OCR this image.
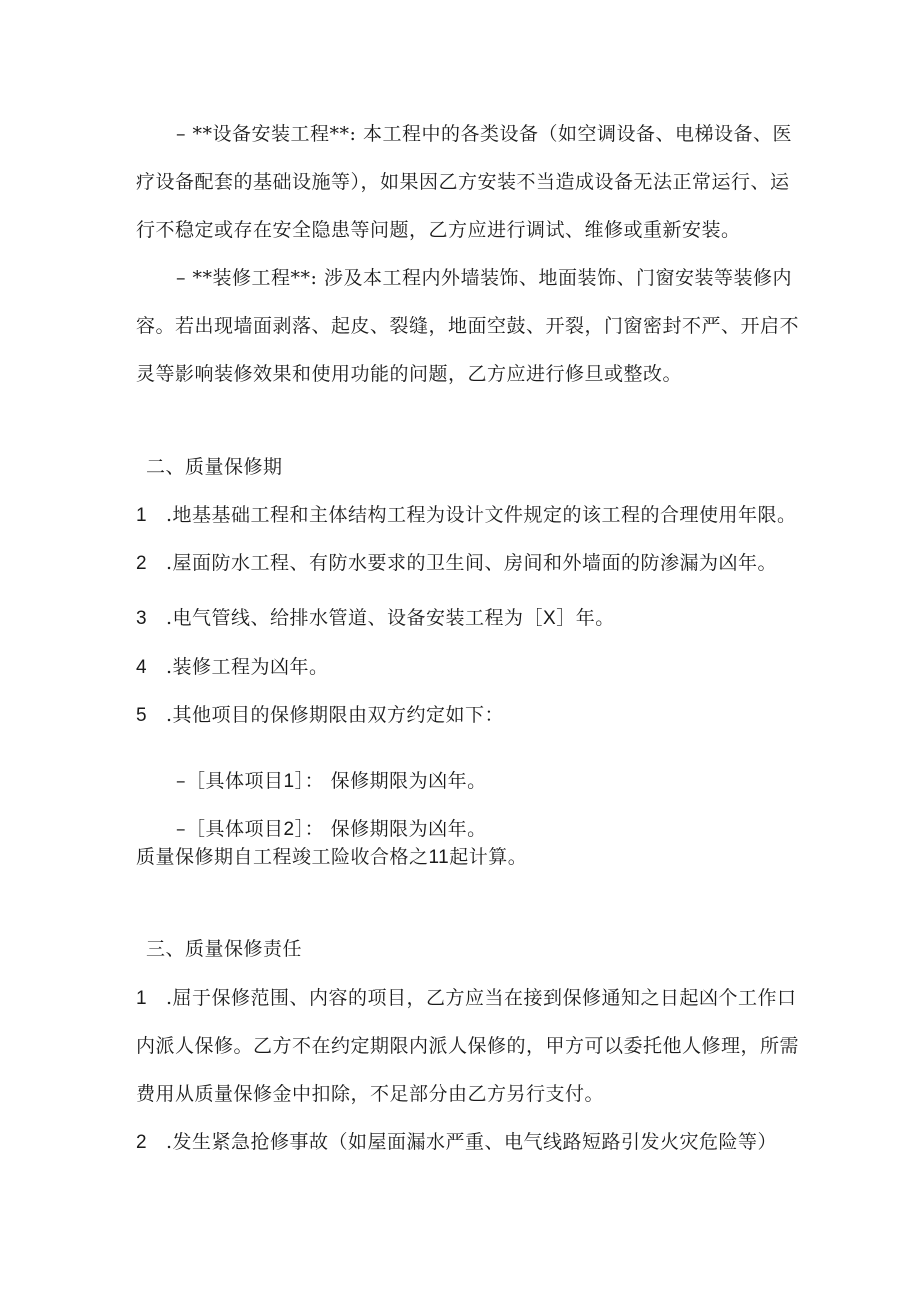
– **设备安装工程**: 本工程中的各类设备（如空调设备、电梯设备、医
疗设备配套的基础设施等），如果因乙方安装不当造成设备无法正常运行、运
行不稳定或存在安全隐患等问题，乙方应进行调试、维修或重新安装。
– **装修工程**: 涉及本工程内外墙装饰、地面装饰、门窗安装等装修内
容。若出现墙面剥落、起皮、裂缝，地面空鼓、开裂，门窗密封不严、开启不
灵等影响装修效果和使用功能的问题，乙方应进行修旦或整改。
二、质量保修期
1 .地基基础工程和主体结构工程为设计文件规定的该工程的合理使用年限。
2 .屋面防水工程、有防水要求的卫生间、房间和外墙面的防渗漏为凶年。
3 .电气管线、给排水管道、设备安装工程为［X］年。
4 .装修工程为凶年。
5 .其他项目的保修期限由双方约定如下：
–［具体项目1］： 保修期限为凶年。
–［具体项目2］： 保修期限为凶年。
质量保修期自工程竣工险收合格之11起计算。
三、质量保修责任
1 .屈于保修范围、内容的项目，乙方应当在接到保修通知之日起凶个工作口
内派人保修。乙方不在约定期限内派人保修的，甲方可以委托他人修理，所需
费用从质量保修金中扣除，不足部分由乙方另行支付。
2 .发生紧急抢修事故（如屋面漏水严重、电气线路短路引发火灾危险等）
